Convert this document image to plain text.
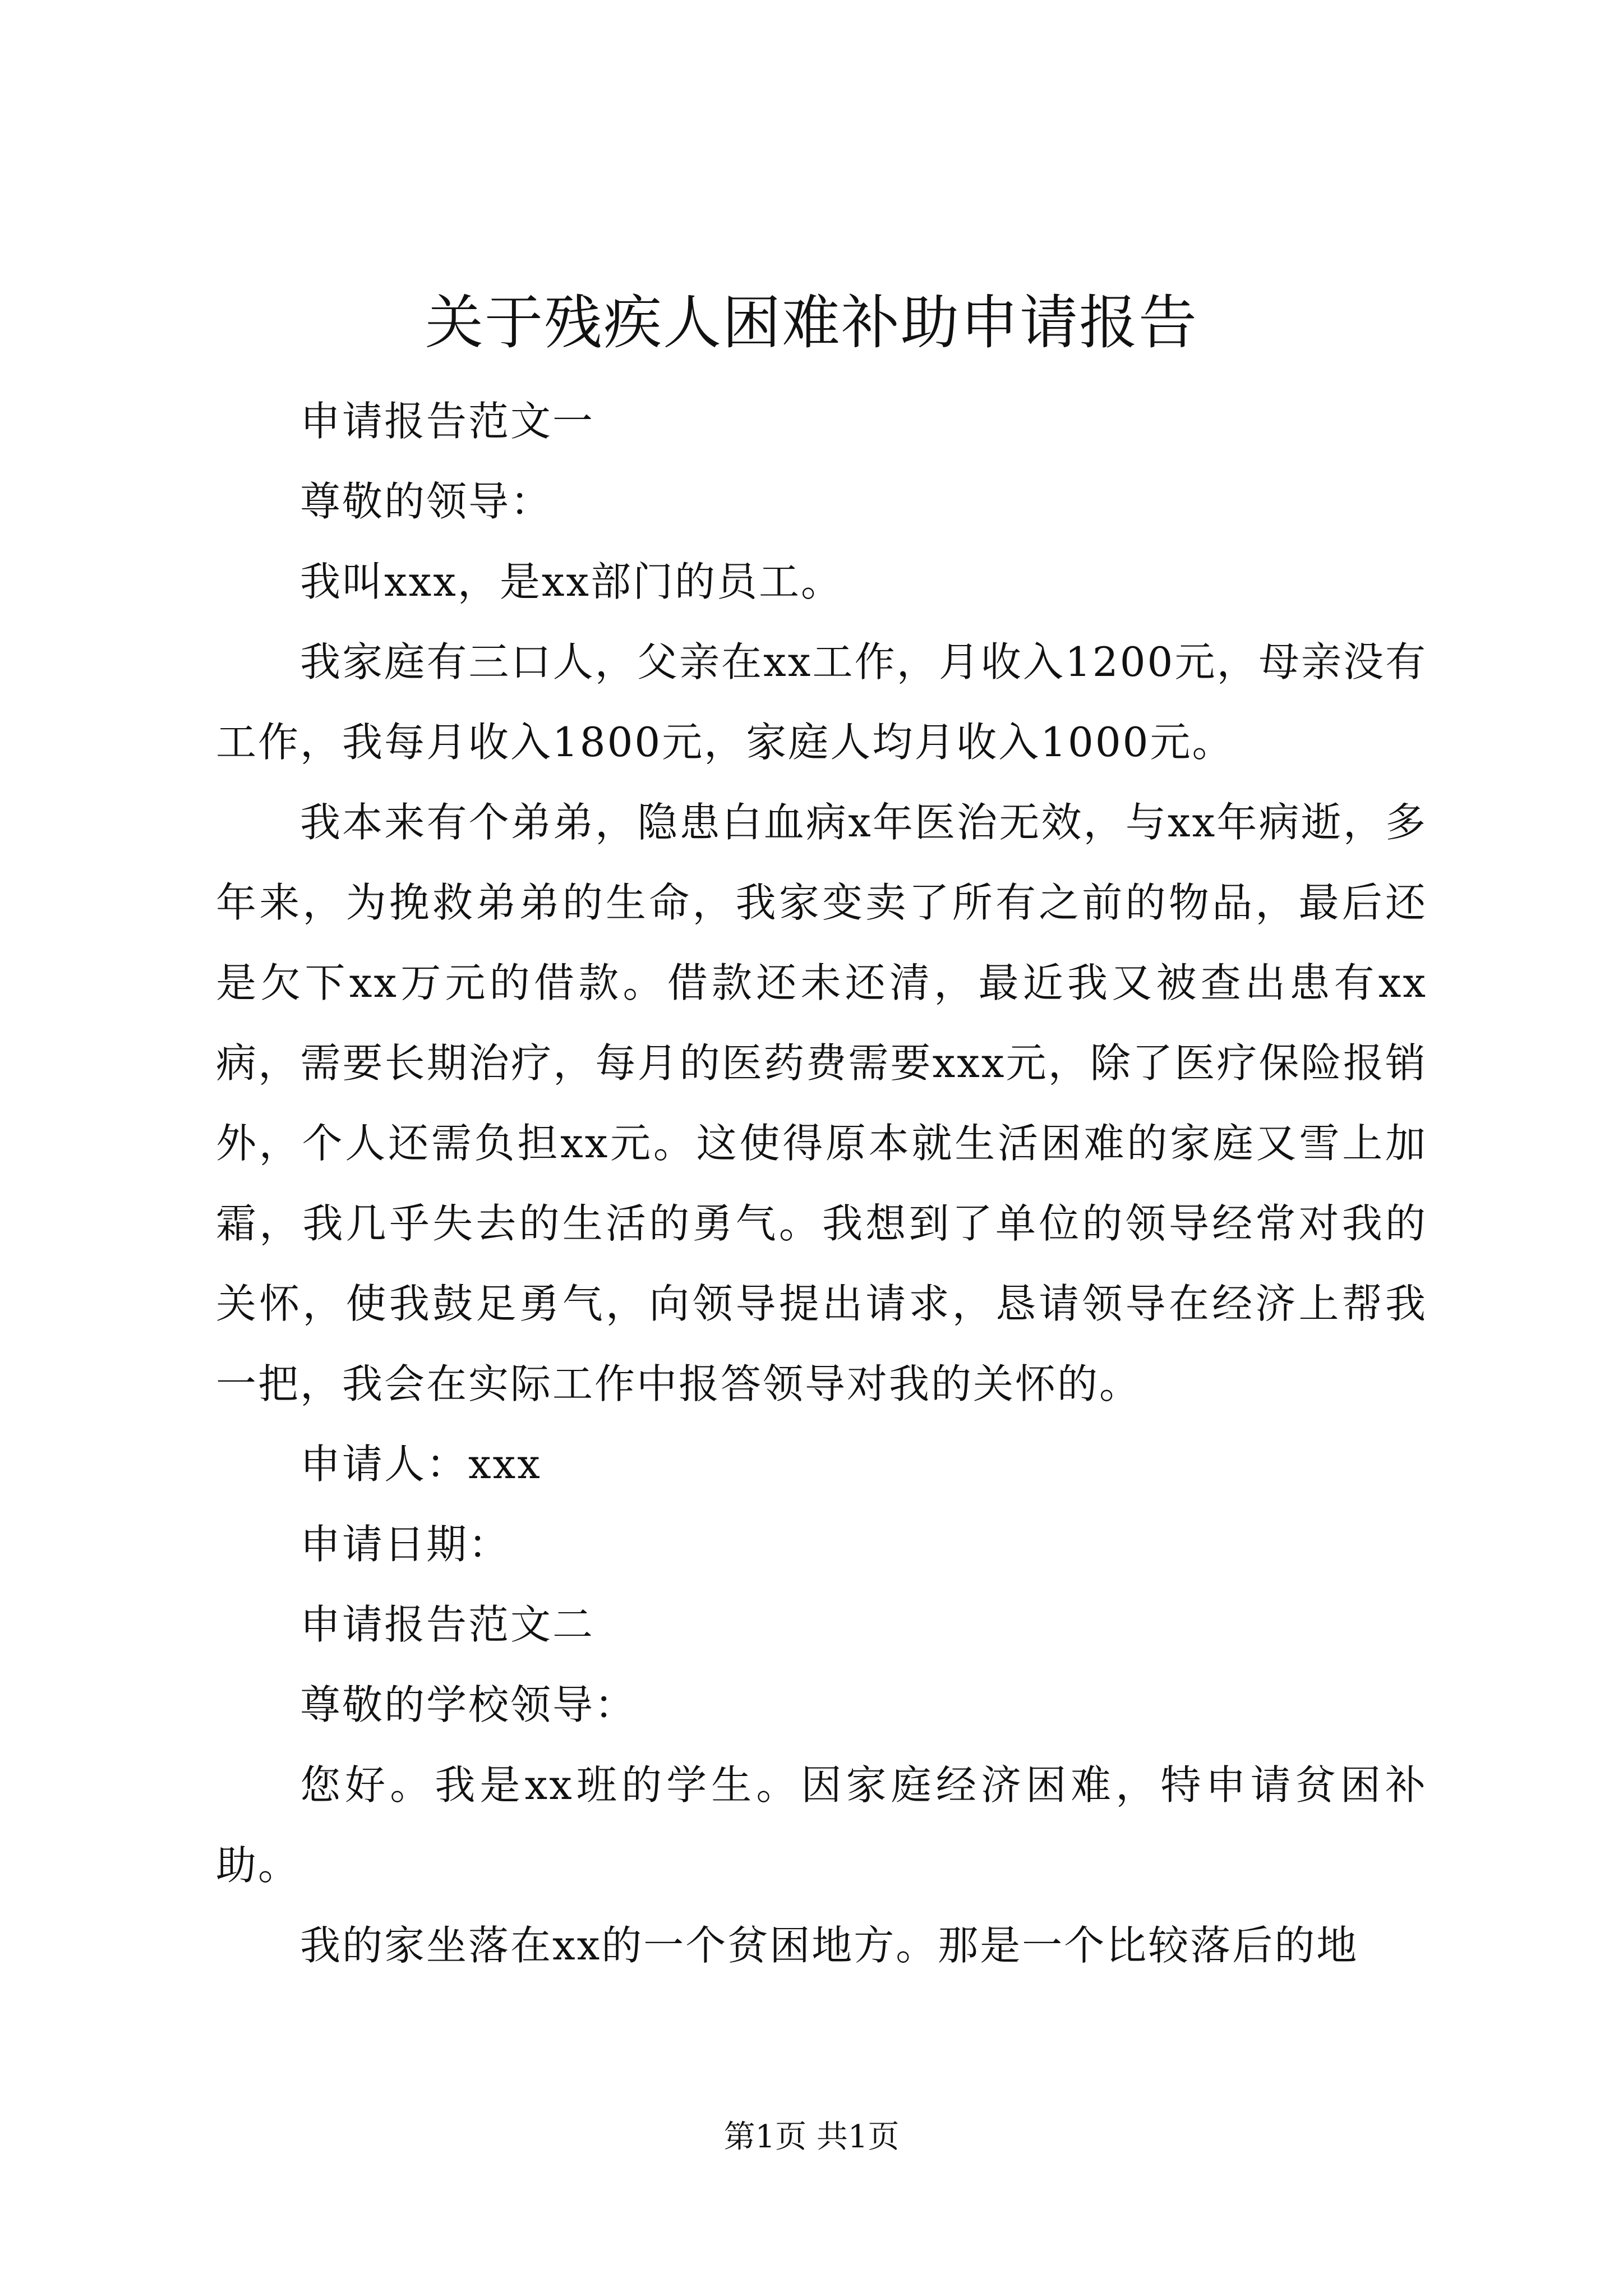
关于残疾人困难补助申请报告

申请报告范文一

尊敬的领导：

我叫xxx，是xx部门的员工。

我家庭有三口人，父亲在xx工作，月收入1200元，母亲没有工作，我每月收入1800元，家庭人均月收入1000元。

我本来有个弟弟，隐患白血病x年医治无效，与xx年病逝，多年来，为挽救弟弟的生命，我家变卖了所有之前的物品，最后还是欠下xx万元的借款。借款还未还清，最近我又被查出患有xx病，需要长期治疗，每月的医药费需要xxx元，除了医疗保险报销外，个人还需负担xx元。这使得原本就生活困难的家庭又雪上加霜，我几乎失去的生活的勇气。我想到了单位的领导经常对我的关怀，使我鼓足勇气，向领导提出请求，恳请领导在经济上帮我一把，我会在实际工作中报答领导对我的关怀的。

申请人：xxx

申请日期：

申请报告范文二

尊敬的学校领导：

您好。我是xx班的学生。因家庭经济困难，特申请贫困补助。

我的家坐落在xx的一个贫困地方。那是一个比较落后的地

第1页 共1页
